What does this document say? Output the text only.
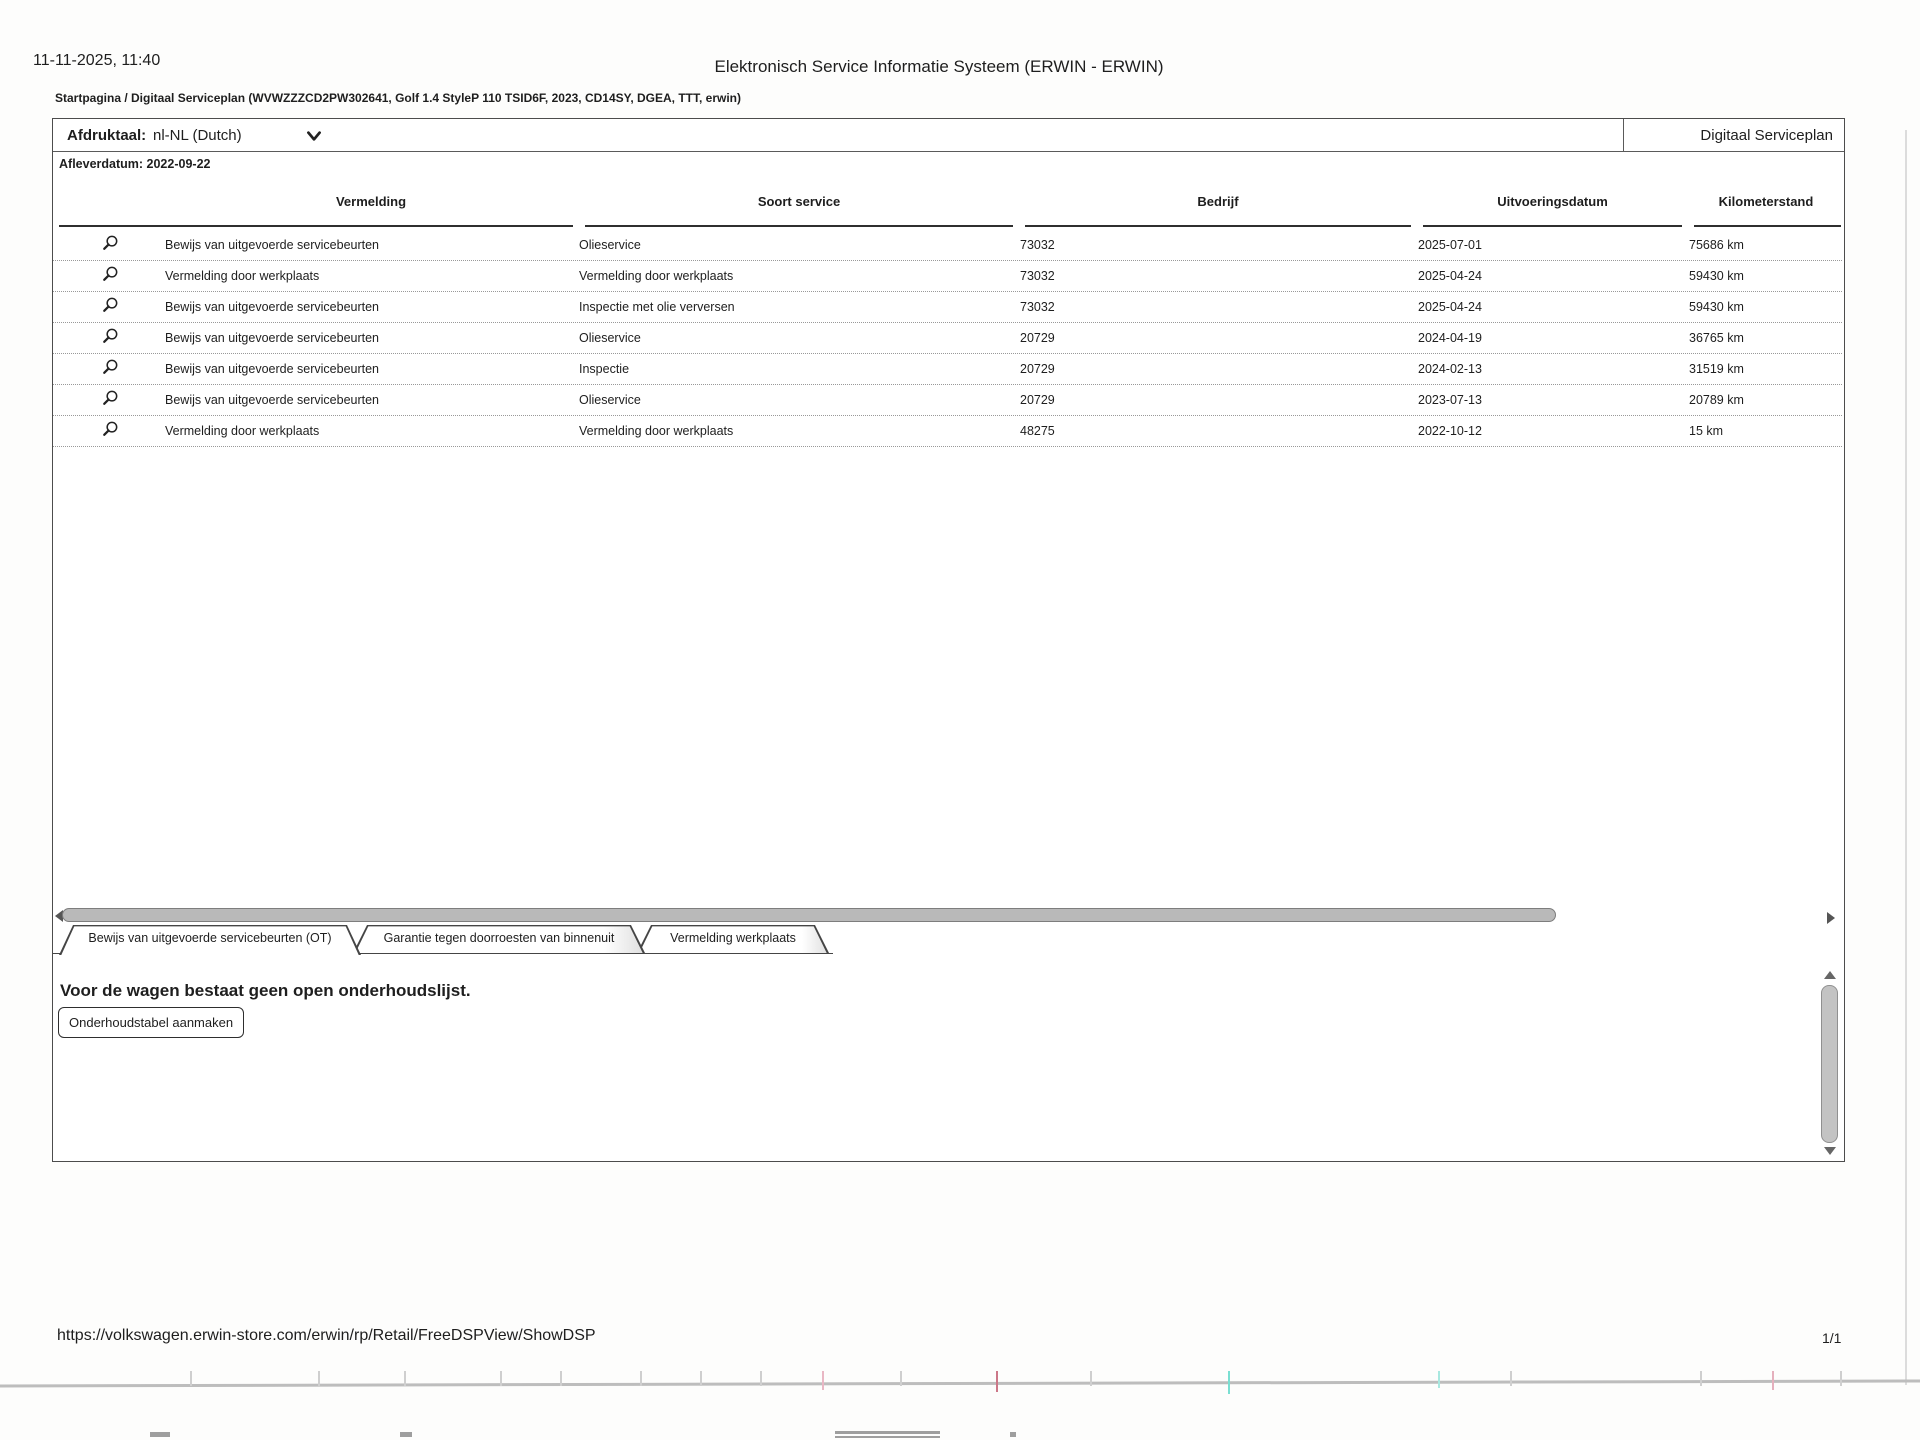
11-11-2025, 11:40	Elektronisch Service Informatie Systeem (ERWIN - ERWIN)
Startpagina / Digitaal Serviceplan (WVWZZZCD2PW302641, Golf 1.4 StyleP 110 TSID6F, 2023, CD14SY, DGEA, TTT, erwin)
Afdruktaal: nl-NL (Dutch)	Digitaal Serviceplan
Afleverdatum: 2022-09-22
Vermelding	Soort service	Bedrijf	Uitvoeringsdatum	Kilometerstand
Bewijs van uitgevoerde servicebeurten	Olieservice	73032	2025-07-01	75686 km
Vermelding door werkplaats	Vermelding door werkplaats	73032	2025-04-24	59430 km
Bewijs van uitgevoerde servicebeurten	Inspectie met olie verversen	73032	2025-04-24	59430 km
Bewijs van uitgevoerde servicebeurten	Olieservice	20729	2024-04-19	36765 km
Bewijs van uitgevoerde servicebeurten	Inspectie	20729	2024-02-13	31519 km
Bewijs van uitgevoerde servicebeurten	Olieservice	20729	2023-07-13	20789 km
Vermelding door werkplaats	Vermelding door werkplaats	48275	2022-10-12	15 km
Bewijs van uitgevoerde servicebeurten (OT)	Garantie tegen doorroesten van binnenuit	Vermelding werkplaats
Voor de wagen bestaat geen open onderhoudslijst.
Onderhoudstabel aanmaken
https://volkswagen.erwin-store.com/erwin/rp/Retail/FreeDSPView/ShowDSP	1/1
